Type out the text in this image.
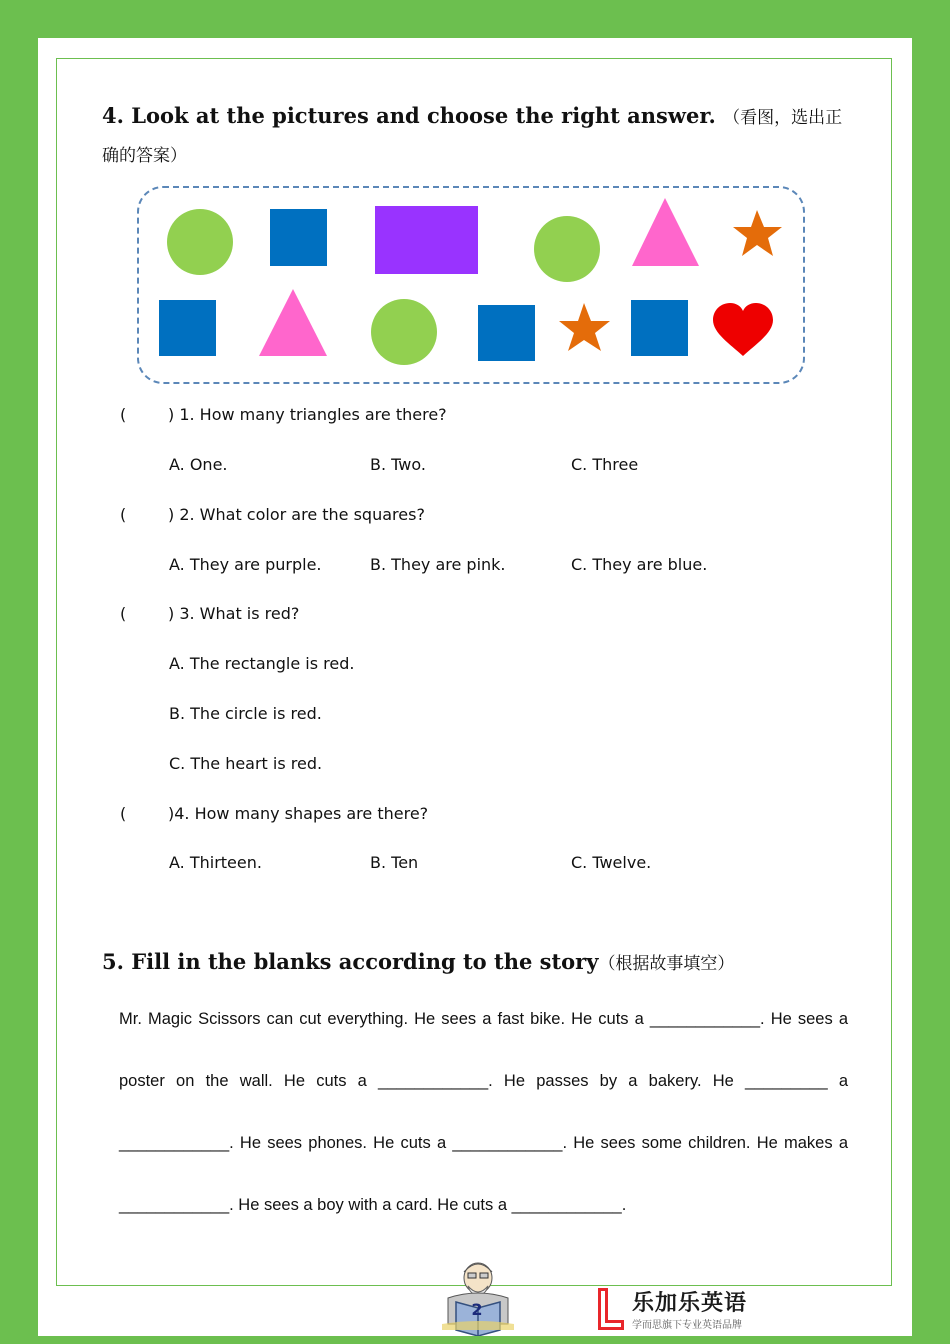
4. Look at the pictures and choose the right answer. （看图，选出正确的答案）
(	) 1. How many triangles are there?
A. One.	B. Two.	C. Three
(	) 2. What color are the squares?
A. They are purple.	B. They are pink.	C. They are blue.
(	) 3. What is red?
A. The rectangle is red.
B. The circle is red.
C. The heart is red.
(	)4. How many shapes are there?
A. Thirteen.	B. Ten	C. Twelve.
5. Fill in the blanks according to the story（根据故事填空）
Mr. Magic Scissors can cut everything. He sees a fast bike. He cuts a ____________. He sees a poster on the wall. He cuts a ____________. He passes by a bakery. He _________ a ____________. He sees phones. He cuts a ____________. He sees some children. He makes a ____________. He sees a boy with a card. He cuts a ____________.
2	乐加乐英语
学而思旗下专业英语品牌
